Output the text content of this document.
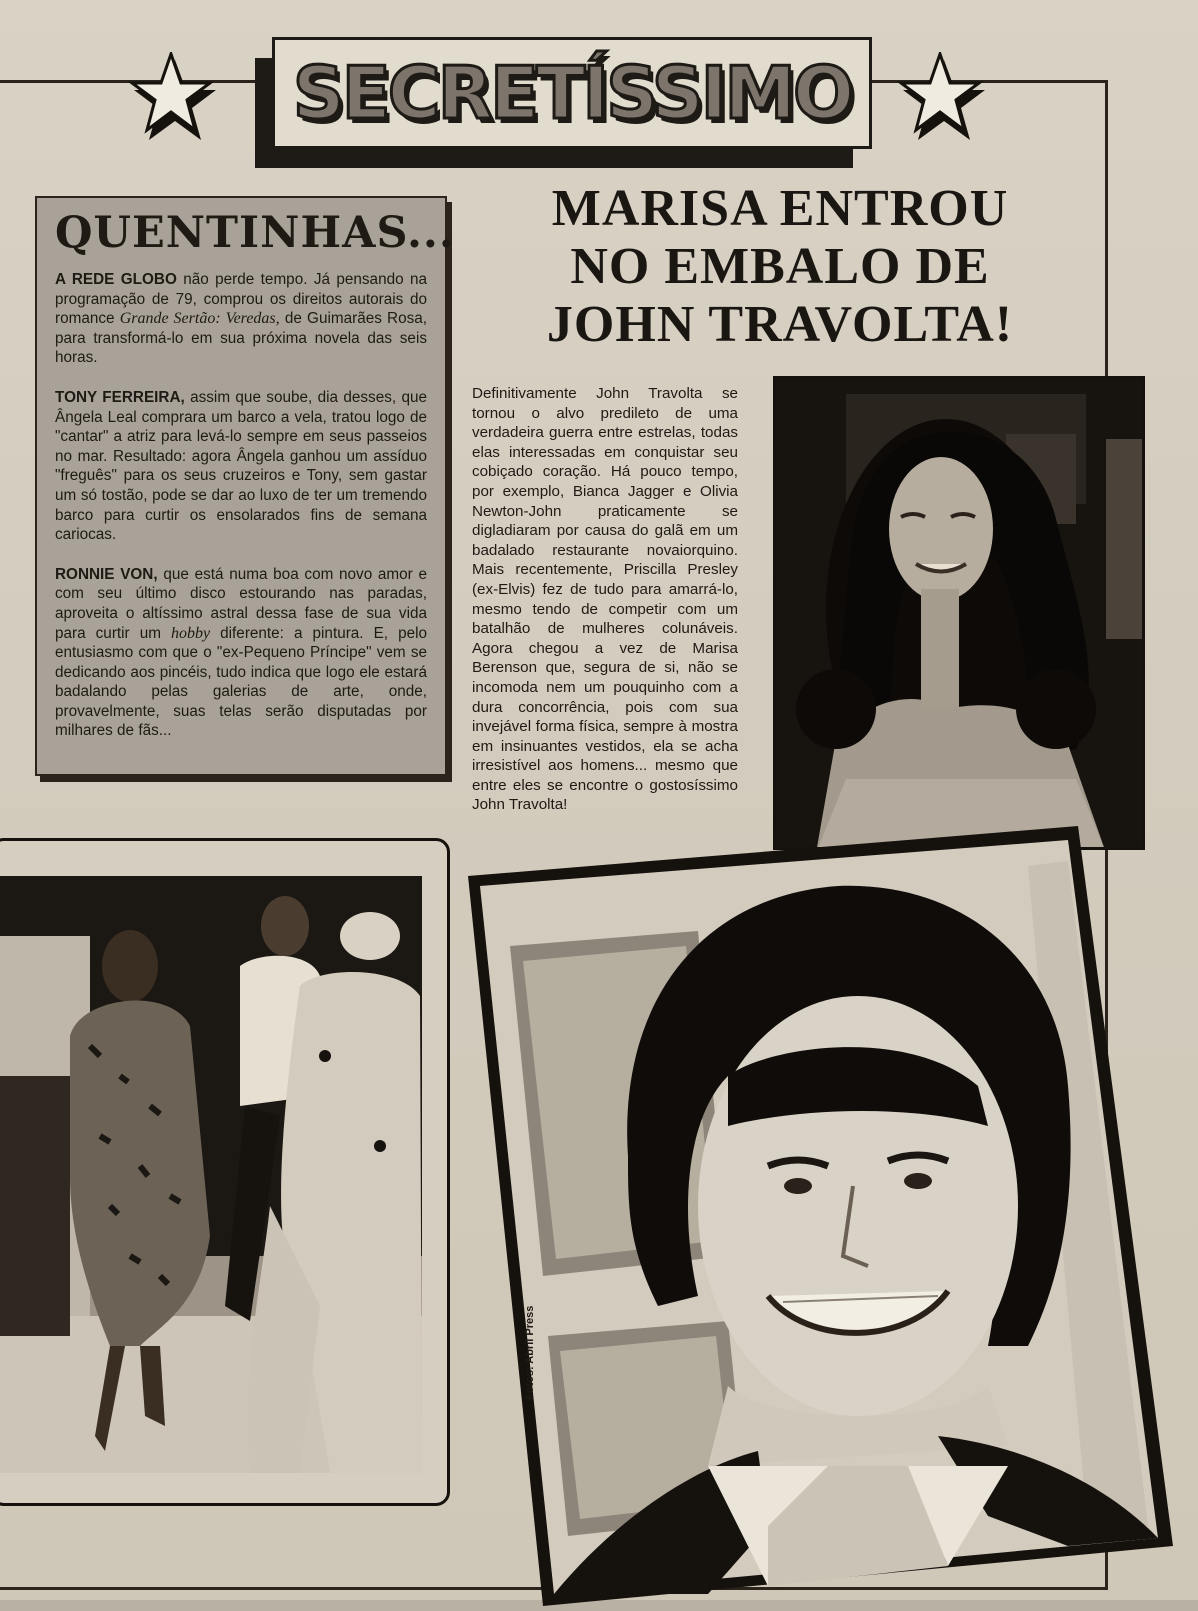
SECRETÍSSIMO
QUENTINHAS...

A REDE GLOBO não perde tempo. Já pensando na programação de 79, comprou os direitos autorais do romance Grande Sertão: Veredas, de Guimarães Rosa, para transformá-lo em sua próxima novela das seis horas.

TONY FERREIRA, assim que soube, dia desses, que Ângela Leal comprara um barco a vela, tratou logo de "cantar" a atriz para levá-lo sempre em seus passeios no mar. Resultado: agora Ângela ganhou um assíduo "freguês" para os seus cruzeiros e Tony, sem gastar um só tostão, pode se dar ao luxo de ter um tremendo barco para curtir os ensolarados fins de semana cariocas.

RONNIE VON, que está numa boa com novo amor e com seu último disco estourando nas paradas, aproveita o altíssimo astral dessa fase de sua vida para curtir um hobby diferente: a pintura. E, pelo entusiasmo com que o "ex-Pequeno Príncipe" vem se dedicando aos pincéis, tudo indica que logo ele estará badalando pelas galerias de arte, onde, provavelmente, suas telas serão disputadas por milhares de fãs...

MARISA ENTROU
NO EMBALO DE
JOHN TRAVOLTA!
Definitivamente John Travolta se tornou o alvo predileto de uma verdadeira guerra entre estrelas, todas elas interessadas em conquistar seu cobiçado coração. Há pouco tempo, por exemplo, Bianca Jagger e Olivia Newton-John praticamente se digladiaram por causa do galã em um badalado restaurante novaiorquino. Mais recentemente, Priscilla Presley (ex-Elvis) fez de tudo para amarrá-lo, mesmo tendo de competir com um batalhão de mulheres colunáveis. Agora chegou a vez de Marisa Berenson que, segura de si, não se incomoda nem um pouquinho com a dura concorrência, pois com sua invejável forma física, sempre à mostra em insinuantes vestidos, ela se acha irresistível aos homens... mesmo que entre eles se encontre o gostosíssimo John Travolta!
Fotos: Abril Press
